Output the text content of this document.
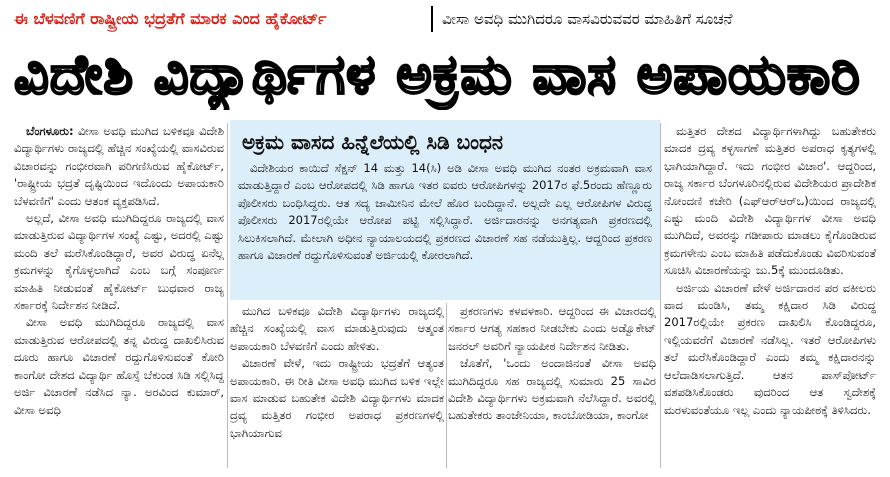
ಈ ಬೆಳವಣಿಗೆ ರಾಷ್ಟ್ರೀಯ ಭದ್ರತೆಗೆ ಮಾರಕ ಎಂದ ಹೈಕೋರ್ಟ್	ವೀಸಾ ಅವಧಿ ಮುಗಿದರೂ ವಾಸವಿರುವವರ ಮಾಹಿತಿಗೆ ಸೂಚನೆ
ವಿದೇಶಿ ವಿದ್ಯಾರ್ಥಿಗಳ ಅಕ್ರಮ ವಾಸ ಅಪಾಯಕಾರಿ

ಬೆಂಗಳೂರು: ವೀಸಾ ಅವಧಿ ಮುಗಿದ ಬಳಿಕವೂ ವಿದೇಶಿ ವಿದ್ಯಾರ್ಥಿಗಳು ರಾಜ್ಯದಲ್ಲಿ ಹೆಚ್ಚಿನ ಸಂಖ್ಯೆಯಲ್ಲಿ ವಾಸವಿರುವ ವಿಚಾರವನ್ನು ಗಂಭೀರವಾಗಿ ಪರಿಗಣಿಸಿರುವ ಹೈಕೋರ್ಟ್, 'ರಾಷ್ಟ್ರೀಯ ಭದ್ರತೆ ದೃಷ್ಟಿಯಿಂದ ಇದೊಂದು ಅಪಾಯಕಾರಿ ಬೆಳವಣಿಗೆ' ಎಂದು ಆತಂಕ ವ್ಯಕ್ತಪಡಿಸಿದೆ.

ಅಲ್ಲದೆ, ವೀಸಾ ಅವಧಿ ಮುಗಿದಿದ್ದರೂ ರಾಜ್ಯದಲ್ಲಿ ವಾಸ ಮಾಡುತ್ತಿರುವ ವಿದ್ಯಾರ್ಥಿಗಳ ಸಂಖ್ಯೆ ಎಷ್ಟು, ಅದರಲ್ಲಿ ಎಷ್ಟು ಮಂದಿ ತಲೆ ಮರೆಸಿಕೊಂಡಿದ್ದಾರೆ, ಅವರ ವಿರುದ್ಧ ಏನೆಲ್ಲ ಕ್ರಮಗಳನ್ನು ಕೈಗೊಳ್ಳಲಾಗಿದೆ ಎಂಬ ಬಗ್ಗೆ ಸಂಪೂರ್ಣ ಮಾಹಿತಿ ನೀಡುವಂತೆ ಹೈಕೋರ್ಟ್ ಬುಧವಾರ ರಾಜ್ಯ ಸರ್ಕಾರಕ್ಕೆ ನಿರ್ದೇಶನ ನೀಡಿದೆ.

ವೀಸಾ ಅವಧಿ ಮುಗಿದಿದ್ದರೂ ರಾಜ್ಯದಲ್ಲಿ ವಾಸ ಮಾಡುತ್ತಿರುವ ಆರೋಪದಲ್ಲಿ ತನ್ನ ವಿರುದ್ಧ ದಾಖಲಿಸಿರುವ ದೂರು ಹಾಗೂ ವಿಚಾರಣೆ ರದ್ದುಗೊಳಿಸುವಂತೆ ಕೋರಿ ಕಾಂಗೋ ದೇಶದ ವಿದ್ಯಾರ್ಥಿ ಹೊಸ್ಸೆ ಬೆಕುಂಡ ಸಿಡಿ ಸಲ್ಲಿಸಿದ್ದ ಅರ್ಜಿ ವಿಚಾರಣೆ ನಡೆಸಿದ ನ್ಯಾ. ಅರವಿಂದ ಕುಮಾರ್, ವೀಸಾ ಅವಧಿ

ಅಕ್ರಮ ವಾಸದ ಹಿನ್ನೆಲೆಯಲ್ಲಿ ಸಿಡಿ ಬಂಧನ

ವಿದೇಶಿಯರ ಕಾಯಿದೆ ಸೆಕ್ಷನ್ 14 ಮತ್ತು 14(ಸಿ) ಅಡಿ ವೀಸಾ ಅವಧಿ ಮುಗಿದ ನಂತರ ಅಕ್ರಮವಾಗಿ ವಾಸ ಮಾಡುತ್ತಿದ್ದಾರೆ ಎಂಬ ಆರೋಪದಲ್ಲಿ ಸಿಡಿ ಹಾಗೂ ಇತರ ಐವರು ಆರೋಪಿಗಳನ್ನು 2017ರ ಫೆ.5ರಂದು ಹೆಣ್ಣೂರು ಪೊಲೀಸರು ಬಂಧಿಸಿದ್ದರು. ಆತ ಸದ್ಯ ಜಾಮೀನಿನ ಮೇಲೆ ಹೊರ ಬಂದಿದ್ದಾನೆ. ಅಲ್ಲದೇ ಎಲ್ಲ ಆರೋಪಿಗಳ ವಿರುದ್ಧ ಪೊಲೀಸರು 2017ರಲ್ಲಿಯೇ ಆರೋಪ ಪಟ್ಟಿ ಸಲ್ಲಿಸಿದ್ದಾರೆ. ಅರ್ಜಿದಾರನನ್ನು ಅನಗತ್ಯವಾಗಿ ಪ್ರಕರಣದಲ್ಲಿ ಸಿಲುಕಿಸಲಾಗಿದೆ. ಮೇಲಾಗಿ ಅಧೀನ ನ್ಯಾಯಾಲಯದಲ್ಲಿ ಪ್ರಕರಣದ ವಿಚಾರಣೆ ಸಹ ನಡೆಯುತ್ತಿಲ್ಲ. ಆದ್ದರಿಂದ ಪ್ರಕರಣ ಹಾಗೂ ವಿಚಾರಣೆ ರದ್ದುಗೊಳಿಸುವಂತೆ ಅರ್ಜಿಯಲ್ಲಿ ಕೋರಲಾಗಿದೆ.

ಮುಗಿದ ಬಳಿಕವೂ ವಿದೇಶಿ ವಿದ್ಯಾರ್ಥಿಗಳು ರಾಜ್ಯದಲ್ಲಿ ಹೆಚ್ಚಿನ ಸಂಖ್ಯೆಯಲ್ಲಿ ವಾಸ ಮಾಡುತ್ತಿರುವುದು ಆತ್ಮಂತ ಅಪಾಯಕಾರಿ ಬೆಳವಣಿಗೆ ಎಂದು ಹೇಳಿತು.

ವಿಚಾರಣೆ ವೇಳೆ, ಇದು ರಾಷ್ಟ್ರೀಯ ಭದ್ರತೆಗೆ ಆತ್ಯಂತ ಅಪಾಯಕಾರಿ. ಈ ರೀತಿ ವೀಸಾ ಅವಧಿ ಮುಗಿದ ಬಳಿಕ ಇಲ್ಲೇ ವಾಸ ಮಾಡುವ ಬಹುತೇಕ ವಿದೇಶಿ ವಿದ್ಯಾರ್ಥಿಗಳು ಮಾದಕ ದ್ರವ್ಯ ಮತ್ತಿತರ ಗಂಭೀರ ಅಪರಾಧ ಪ್ರಕರಣಗಳಲ್ಲಿ ಭಾಗಿಯಾಗುವ

ಪ್ರಕರಣಗಳು ಕಳವಳಕಾರಿ. ಆದ್ದರಿಂದ ಈ ವಿಚಾರದಲ್ಲಿ ಸರ್ಕಾರ ಆಗತ್ಯ ಸಹಕಾರ ನೀಡಬೇಕು ಎಂದು ಅಡ್ವೊಕೇಟ್ ಜನರಲ್ ಅವರಿಗೆ ನ್ಯಾಯಪೀಠ ನಿರ್ದೇಶನ ನೀಡಿತು.

ಜೊತೆಗೆ, 'ಒಂದು ಅಂದಾಜಿನಂತೆ ವೀಸಾ ಅವಧಿ ಮುಗಿದಿದ್ದರೂ ಸಹ ರಾಜ್ಯದಲ್ಲಿ ಸುಮಾರು 25 ಸಾವಿರ ವಿದೇಶಿ ವಿದ್ಯಾರ್ಥಿಗಳು ಅಕ್ರಮವಾಗಿ ನೆಲೆಸಿದ್ದಾರೆ. ಅವರಲ್ಲಿ ಬಹುತೇಕರು ತಾಂಜೇನಿಯಾ, ಕಾಂಬೋಡಿಯಾ, ಕಾಂಗೋ

ಮತ್ತಿತರ ದೇಶದ ವಿದ್ಯಾರ್ಥಿಗಳಾಗಿದ್ದು ಬಹುತೇಕರು ಮಾದಕ ದ್ರವ್ಯ ಕಳ್ಳಸಾಗಣೆ ಮತ್ತಿತರ ಅಪರಾಧ ಕೃತ್ಯಗಳಲ್ಲಿ ಭಾಗಿಯಾಗಿದ್ದಾರೆ. ಇದು ಗಂಭೀರ ವಿಚಾರ'. ಆದ್ದರಿಂದ, ರಾಜ್ಯ ಸರ್ಕಾರ ಬೆಂಗಳೂರಿನಲ್ಲಿರುವ ವಿದೇಶಿಯರ ಪ್ರಾದೇಶಿಕ ನೋಂದಣಿ ಕಚೇರಿ (ಎಫ್‌ಆರ್‌ಆರ್‌ಒ)ಯಿಂದ ರಾಜ್ಯದಲ್ಲಿ ಎಷ್ಟು ಮಂದಿ ವಿದೇಶಿ ವಿದ್ಯಾರ್ಥಿಗಳ ವೀಸಾ ಅವಧಿ ಮುಗಿದಿದೆ, ಅವರನ್ನು ಗಡೀಪಾರು ಮಾಡಲು ಕೈಗೊಂಡಿರುವ ಕ್ರಮಗಳೇನು ಎಂಬ ಮಾಹಿತಿ ಪಡೆದುಕೊಂಡು ವಿವರಿಸುವಂತೆ ಸೂಚಿಸಿ ವಿಚಾರಣೆಯನ್ನು ಜು.5ಕ್ಕೆ ಮುಂದೂಡಿತು.

ಅರ್ಜಿಯ ವಿಚಾರಣೆ ವೇಳೆ ಅರ್ಜಿದಾರನ ಪರ ವಕೀಲರು ವಾದ ಮಂಡಿಸಿ, ತಮ್ಮ ಕಕ್ಷಿದಾರ ಸಿಡಿ ವಿರುದ್ಧ 2017ರಲ್ಲಿಯೇ ಪ್ರಕರಣ ದಾಖಲಿಸಿ ಕೊಂಡಿದ್ದರೂ, ಇಲ್ಲಿಯವರೆಗೆ ವಿಚಾರಣೆ ನಡೆಸಿಲ್ಲ. ಇತರೆ ಆರೋಪಿಗಳು ತಲೆ ಮರೆಸಿಕೊಂಡಿದ್ದಾರೆ ಎಂದು ತಮ್ಮ ಕಕ್ಷಿದಾರನನ್ನು ಆಲೆದಾಡಿಸಲಾಗುತ್ತಿದೆ. ಆತನ ಪಾಸ್‌ಪೋರ್ಟ್ ವಶಪಡಿಸಿಕೊಂಡರು ವುದರಿಂದ ಆತ ಸ್ವದೇಶಕ್ಕೆ ಮರಳುವಂತೆಯೂ ಇಲ್ಲ ಎಂದು ನ್ಯಾಯಪೀಠಕ್ಕೆ ತಿಳಿಸಿದರು.
